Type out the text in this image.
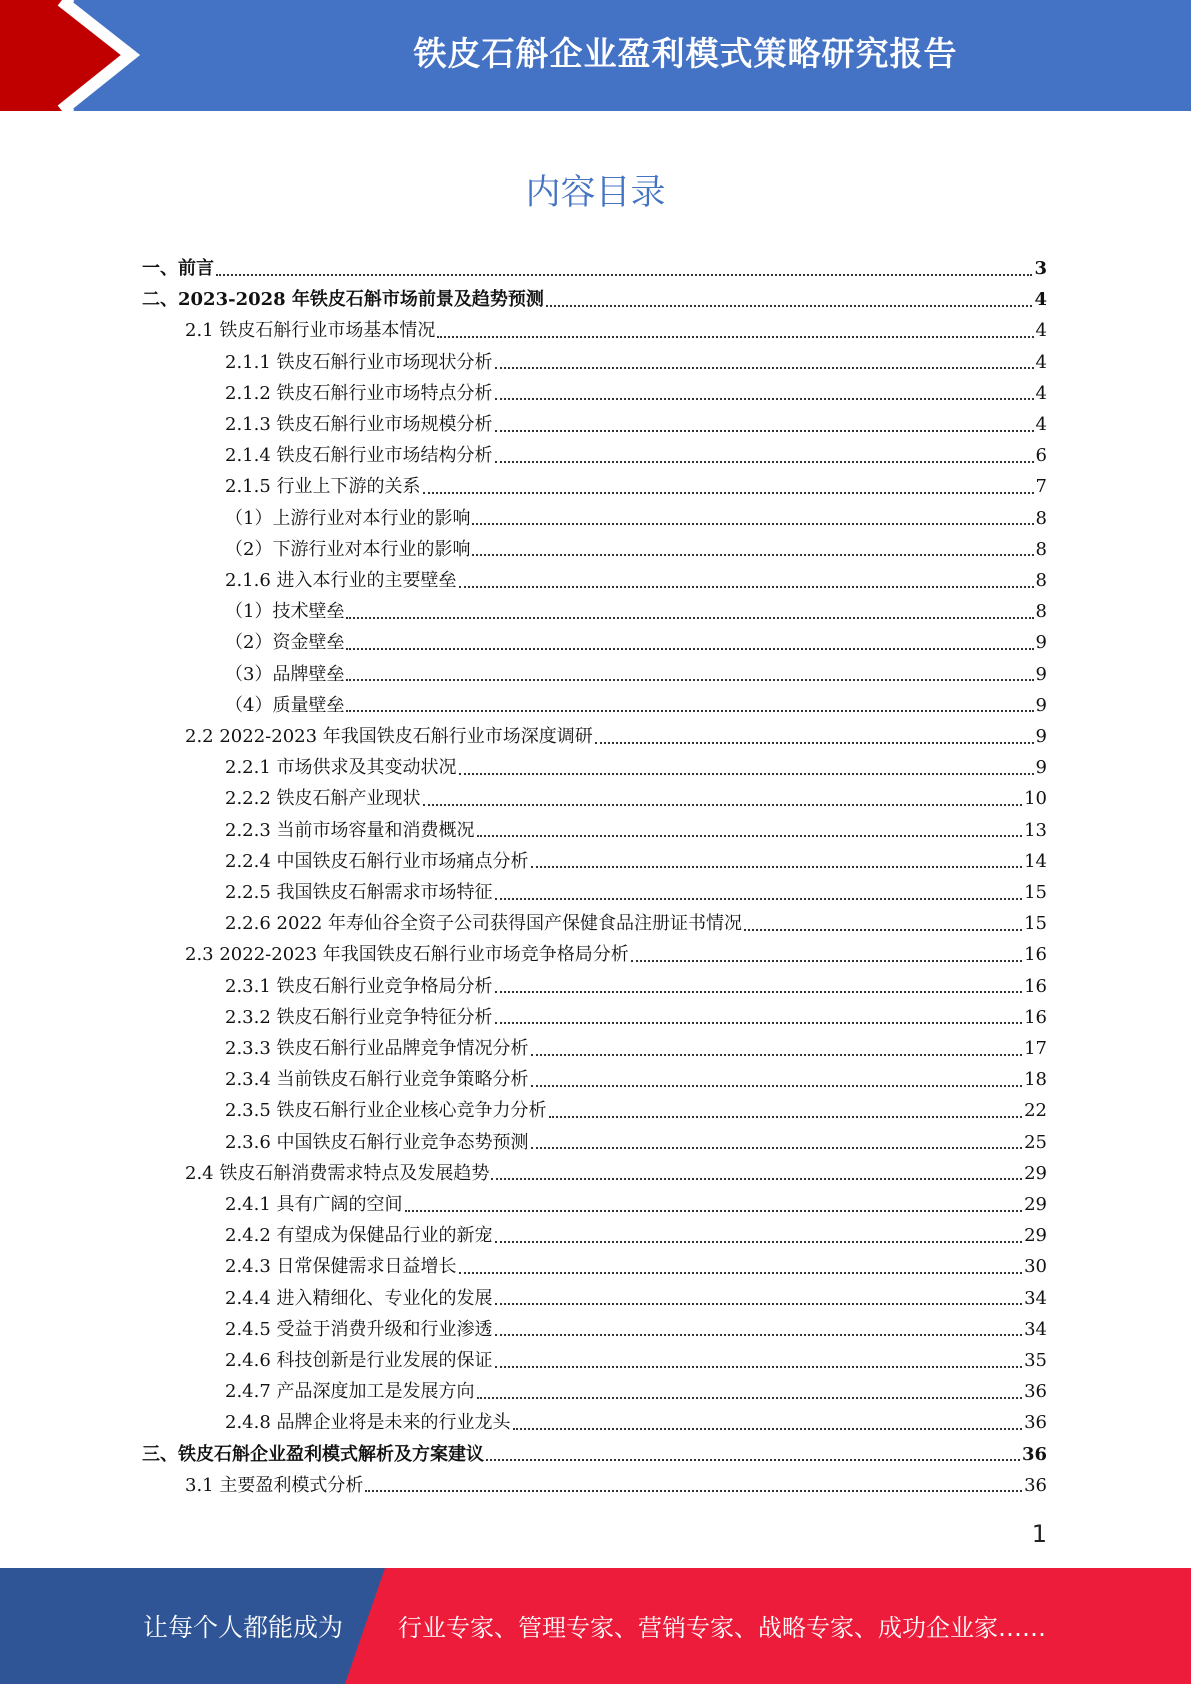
铁皮石斛企业盈利模式策略研究报告
内容目录
一、前言	3
二、2023-2028 年铁皮石斛市场前景及趋势预测	4
2.1 铁皮石斛行业市场基本情况	4
2.1.1 铁皮石斛行业市场现状分析	4
2.1.2 铁皮石斛行业市场特点分析	4
2.1.3 铁皮石斛行业市场规模分析	4
2.1.4 铁皮石斛行业市场结构分析	6
2.1.5 行业上下游的关系	7
（1）上游行业对本行业的影响	8
（2）下游行业对本行业的影响	8
2.1.6 进入本行业的主要壁垒	8
（1）技术壁垒	8
（2）资金壁垒	9
（3）品牌壁垒	9
（4）质量壁垒	9
2.2 2022-2023 年我国铁皮石斛行业市场深度调研	9
2.2.1 市场供求及其变动状况	9
2.2.2 铁皮石斛产业现状	10
2.2.3 当前市场容量和消费概况	13
2.2.4 中国铁皮石斛行业市场痛点分析	14
2.2.5 我国铁皮石斛需求市场特征	15
2.2.6 2022 年寿仙谷全资子公司获得国产保健食品注册证书情况	15
2.3 2022-2023 年我国铁皮石斛行业市场竞争格局分析	16
2.3.1 铁皮石斛行业竞争格局分析	16
2.3.2 铁皮石斛行业竞争特征分析	16
2.3.3 铁皮石斛行业品牌竞争情况分析	17
2.3.4 当前铁皮石斛行业竞争策略分析	18
2.3.5 铁皮石斛行业企业核心竞争力分析	22
2.3.6 中国铁皮石斛行业竞争态势预测	25
2.4 铁皮石斛消费需求特点及发展趋势	29
2.4.1 具有广阔的空间	29
2.4.2 有望成为保健品行业的新宠	29
2.4.3 日常保健需求日益增长	30
2.4.4 进入精细化、专业化的发展	34
2.4.5 受益于消费升级和行业渗透	34
2.4.6 科技创新是行业发展的保证	35
2.4.7 产品深度加工是发展方向	36
2.4.8 品牌企业将是未来的行业龙头	36
三、铁皮石斛企业盈利模式解析及方案建议	36
3.1 主要盈利模式分析	36
1
让每个人都能成为 行业专家、管理专家、营销专家、战略专家、成功企业家……
